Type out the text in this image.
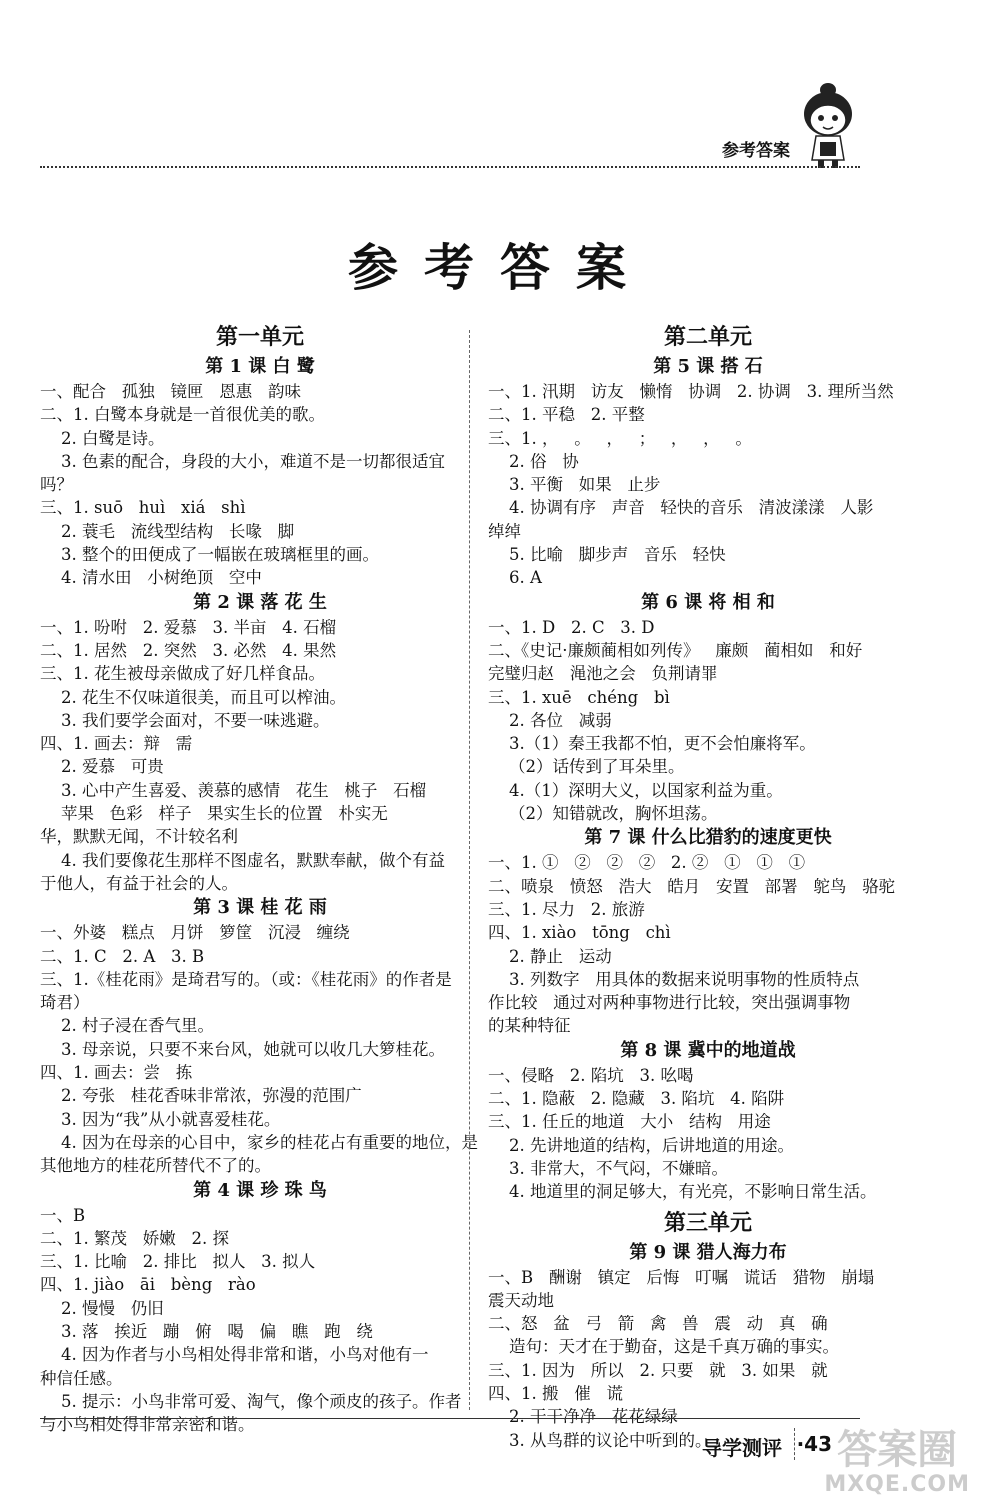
参考答案
参考答案
第一单元
第 1 课 白 鹭
一、配合   孤独   镜匣   恩惠   韵味
二、1. 白鹭本身就是一首很优美的歌。
2. 白鹭是诗。
3. 色素的配合，身段的大小，难道不是一切都很适宜
吗？
三、1. suō   huì   xiá   shì
2. 蓑毛   流线型结构   长喙   脚
3. 整个的田便成了一幅嵌在玻璃框里的画。
4. 清水田   小树绝顶   空中
第 2 课 落 花 生
一、1. 吩咐   2. 爱慕   3. 半亩   4. 石榴
二、1. 居然   2. 突然   3. 必然   4. 果然
三、1. 花生被母亲做成了好几样食品。
2. 花生不仅味道很美，而且可以榨油。
3. 我们要学会面对，不要一味逃避。
四、1. 画去：辩   需
2. 爱慕   可贵
3. 心中产生喜爱、羡慕的感情   花生   桃子   石榴
苹果   色彩   样子   果实生长的位置   朴实无
华，默默无闻，不计较名利
4. 我们要像花生那样不图虚名，默默奉献，做个有益
于他人，有益于社会的人。
第 3 课 桂 花 雨
一、外婆   糕点   月饼   箩筐   沉浸   缠绕
二、1. C   2. A   3. B
三、1.《桂花雨》是琦君写的。（或：《桂花雨》的作者是
琦君）
2. 村子浸在香气里。
3. 母亲说，只要不来台风，她就可以收几大箩桂花。
四、1. 画去：尝   拣
2. 夸张   桂花香味非常浓，弥漫的范围广
3. 因为“我”从小就喜爱桂花。
4. 因为在母亲的心目中，家乡的桂花占有重要的地位，是
其他地方的桂花所替代不了的。
第 4 课 珍 珠 鸟
一、B
二、1. 繁茂   娇嫩   2. 探
三、1. 比喻   2. 排比   拟人   3. 拟人
四、1. jiào   āi   bèng   rào
2. 慢慢   仍旧
3. 落   挨近   蹦   俯   喝   偏   瞧   跑   绕
4. 因为作者与小鸟相处得非常和谐，小鸟对他有一
种信任感。
5. 提示：小鸟非常可爱、淘气，像个顽皮的孩子。作者
与小鸟相处得非常亲密和谐。
第二单元
第 5 课 搭 石
一、1. 汛期   访友   懒惰   协调   2. 协调   3. 理所当然
二、1. 平稳   2. 平整
三、1. ，   。   ，   ；   ，   ，   。
2. 俗   协
3. 平衡   如果   止步
4. 协调有序   声音   轻快的音乐   清波漾漾   人影
绰绰
5. 比喻   脚步声   音乐   轻快
6. A
第 6 课 将 相 和
一、1. D   2. C   3. D
二、《史记·廉颇蔺相如列传》   廉颇   蔺相如   和好
完璧归赵   渑池之会   负荆请罪
三、1. xuē   chéng   bì
2. 各位   减弱
3.（1）秦王我都不怕，更不会怕廉将军。
（2）话传到了耳朵里。
4.（1）深明大义，以国家利益为重。
（2）知错就改，胸怀坦荡。
第 7 课 什么比猎豹的速度更快
一、1. ①   ②   ②   ②   2. ②   ①   ①   ①
二、喷泉   愤怒   浩大   皓月   安置   部署   鸵鸟   骆驼
三、1. 尽力   2. 旅游
四、1. xiào   tōng   chì
2. 静止   运动
3. 列数字   用具体的数据来说明事物的性质特点
作比较   通过对两种事物进行比较，突出强调事物
的某种特征
第 8 课 冀中的地道战
一、侵略   2. 陷坑   3. 吆喝
二、1. 隐蔽   2. 隐藏   3. 陷坑   4. 陷阱
三、1. 任丘的地道   大小   结构   用途
2. 先讲地道的结构，后讲地道的用途。
3. 非常大，不气闷，不嫌暗。
4. 地道里的洞足够大，有光亮，不影响日常生活。
第三单元
第 9 课 猎人海力布
一、B   酬谢   镇定   后悔   叮嘱   谎话   猎物   崩塌
震天动地
二、怒   盆   弓   箭   禽   兽   震   动   真   确
造句：天才在于勤奋，这是千真万确的事实。
三、1. 因为   所以   2. 只要   就   3. 如果   就
四、1. 搬   催   谎
2. 干干净净   花花绿绿
3. 从鸟群的议论中听到的。
导学测评 ·43 答案圈
MXQE.COM
